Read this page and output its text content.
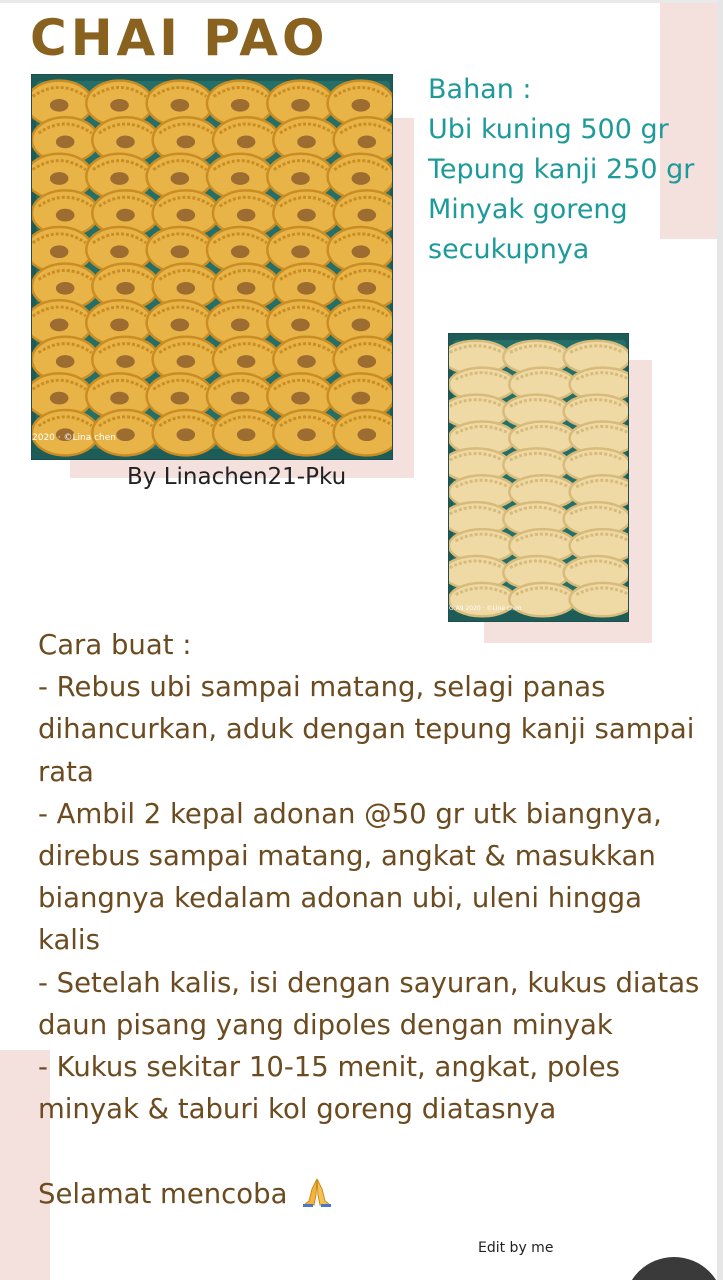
CHAI PAO
2020 · ©Lina chen
By Linachen21-Pku
Bahan :
Ubi kuning 500 gr
Tepung kanji 250 gr
Minyak goreng
secukupnya
O A9 2020 · ©Line chen
Cara buat :
- Rebus ubi sampai matang, selagi panas
dihancurkan, aduk dengan tepung kanji sampai
rata
- Ambil 2 kepal adonan @50 gr utk biangnya,
direbus sampai matang, angkat & masukkan
biangnya kedalam adonan ubi, uleni hingga
kalis
- Setelah kalis, isi dengan sayuran, kukus diatas
daun pisang yang dipoles dengan minyak
- Kukus sekitar 10-15 menit, angkat, poles
minyak & taburi kol goreng diatasnya
Selamat mencoba
Edit by me
